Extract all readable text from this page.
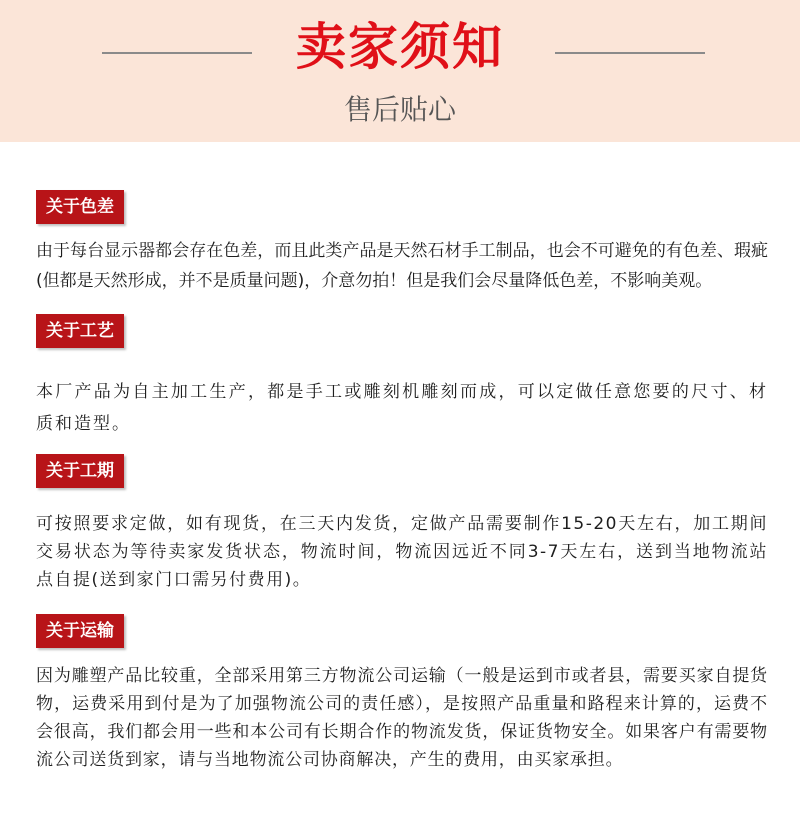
卖家须知
售后贴心
关于色差

由于每台显示器都会存在色差，而且此类产品是天然石材手工制品，也会不可避免的有色差、瑕疵(但都是天然形成，并不是质量问题)，介意勿拍！但是我们会尽量降低色差，不影响美观。

关于工艺

本厂产品为自主加工生产，都是手工或雕刻机雕刻而成，可以定做任意您要的尺寸、材质和造型。

关于工期

可按照要求定做，如有现货，在三天内发货，定做产品需要制作15-20天左右，加工期间交易状态为等待卖家发货状态，物流时间，物流因远近不同3-7天左右，送到当地物流站点自提(送到家门口需另付费用)。

关于运输

因为雕塑产品比较重，全部采用第三方物流公司运输（一般是运到市或者县，需要买家自提货物，运费采用到付是为了加强物流公司的责任感），是按照产品重量和路程来计算的，运费不会很高，我们都会用一些和本公司有长期合作的物流发货，保证货物安全。如果客户有需要物流公司送货到家，请与当地物流公司协商解决，产生的费用，由买家承担。
